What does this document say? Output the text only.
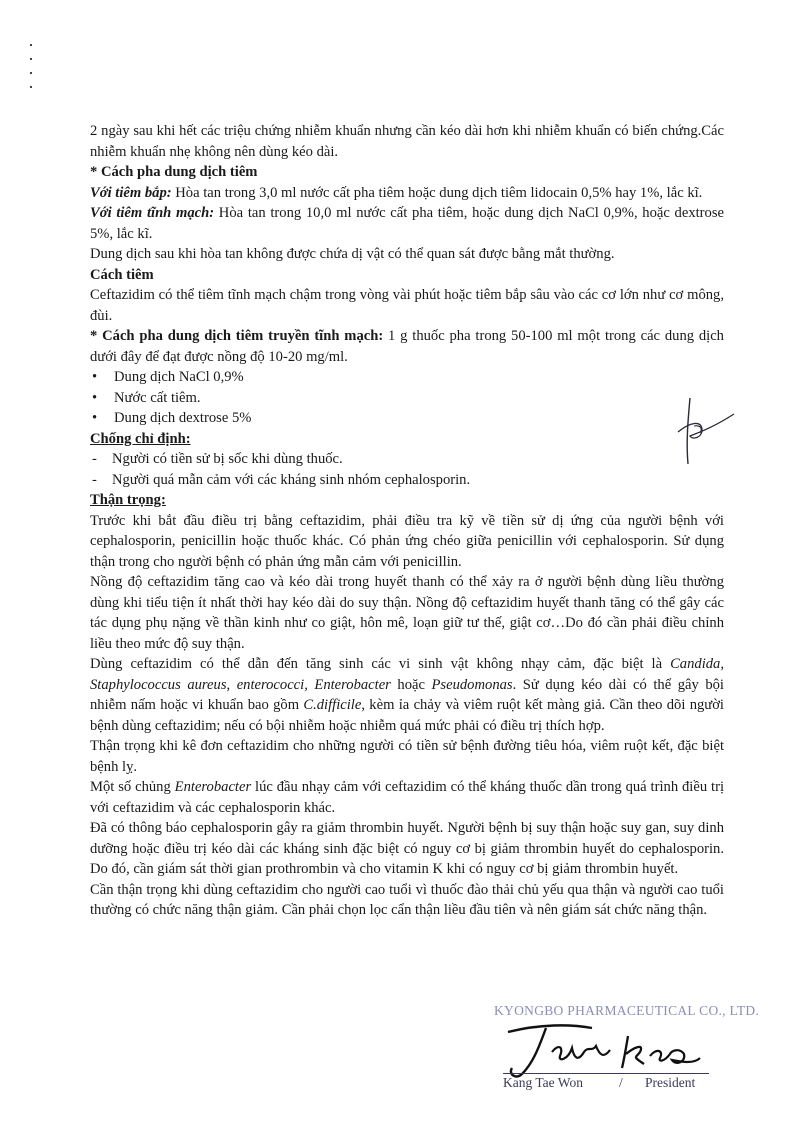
2 ngày sau khi hết các triệu chứng nhiễm khuẩn nhưng cần kéo dài hơn khi nhiễm khuẩn có biến chứng.Các nhiễm khuẩn nhẹ không nên dùng kéo dài.

* Cách pha dung dịch tiêm

Với tiêm bắp: Hòa tan trong 3,0 ml nước cất pha tiêm hoặc dung dịch tiêm lidocain 0,5% hay 1%, lắc kĩ.

Với tiêm tĩnh mạch: Hòa tan trong 10,0 ml nước cất pha tiêm, hoặc dung dịch NaCl 0,9%, hoặc dextrose 5%, lắc kĩ.

Dung dịch sau khi hòa tan không được chứa dị vật có thể quan sát được bằng mắt thường.

Cách tiêm

Ceftazidim có thể tiêm tĩnh mạch chậm trong vòng vài phút hoặc tiêm bắp sâu vào các cơ lớn như cơ mông, đùi.

* Cách pha dung dịch tiêm truyền tĩnh mạch: 1 g thuốc pha trong 50-100 ml một trong các dung dịch dưới đây để đạt được nồng độ 10-20 mg/ml.

• Dung dịch NaCl 0,9%
• Nước cất tiêm.
• Dung dịch dextrose 5%

Chống chỉ định:

- Người có tiền sử bị sốc khi dùng thuốc.
- Người quá mẫn cảm với các kháng sinh nhóm cephalosporin.

Thận trọng:

Trước khi bắt đầu điều trị bằng ceftazidim, phải điều tra kỹ về tiền sử dị ứng của người bệnh với cephalosporin, penicillin hoặc thuốc khác. Có phản ứng chéo giữa penicillin với cephalosporin. Sử dụng thận trong cho người bệnh có phản ứng mẫn cảm với penicillin.

Nồng độ ceftazidim tăng cao và kéo dài trong huyết thanh có thể xảy ra ở người bệnh dùng liều thường dùng khi tiểu tiện ít nhất thời hay kéo dài do suy thận. Nồng độ ceftazidim huyết thanh tăng có thể gây các tác dụng phụ nặng về thần kinh như co giật, hôn mê, loạn giữ tư thế, giật cơ…Do đó cần phải điều chỉnh liều theo mức độ suy thận.

Dùng ceftazidim có thể dẫn đến tăng sinh các vi sinh vật không nhạy cảm, đặc biệt là Candida, Staphylococcus aureus, enterococci, Enterobacter hoặc Pseudomonas. Sử dụng kéo dài có thể gây bội nhiễm nấm hoặc vi khuẩn bao gồm C.difficile, kèm ỉa chảy và viêm ruột kết màng giả. Cần theo dõi người bệnh dùng ceftazidim; nếu có bội nhiễm hoặc nhiễm quá mức phải có điều trị thích hợp.

Thận trọng khi kê đơn ceftazidim cho những người có tiền sử bệnh đường tiêu hóa, viêm ruột kết, đặc biệt bệnh lỵ.

Một số chủng Enterobacter lúc đầu nhạy cảm với ceftazidim có thể kháng thuốc dần trong quá trình điều trị với ceftazidim và các cephalosporin khác.

Đã có thông báo cephalosporin gây ra giảm thrombin huyết. Người bệnh bị suy thận hoặc suy gan, suy dinh dưỡng hoặc điều trị kéo dài các kháng sinh đặc biệt có nguy cơ bị giảm thrombin huyết do cephalosporin. Do đó, cần giám sát thời gian prothrombin và cho vitamin K khi có nguy cơ bị giảm thrombin huyết.

Cần thận trọng khi dùng ceftazidim cho người cao tuổi vì thuốc đào thải chủ yếu qua thận và người cao tuổi thường có chức năng thận giảm. Cần phải chọn lọc cẩn thận liều đầu tiên và nên giám sát chức năng thận.

KYONGBO PHARMACEUTICAL CO., LTD.
Kang Tae Won	/ President
